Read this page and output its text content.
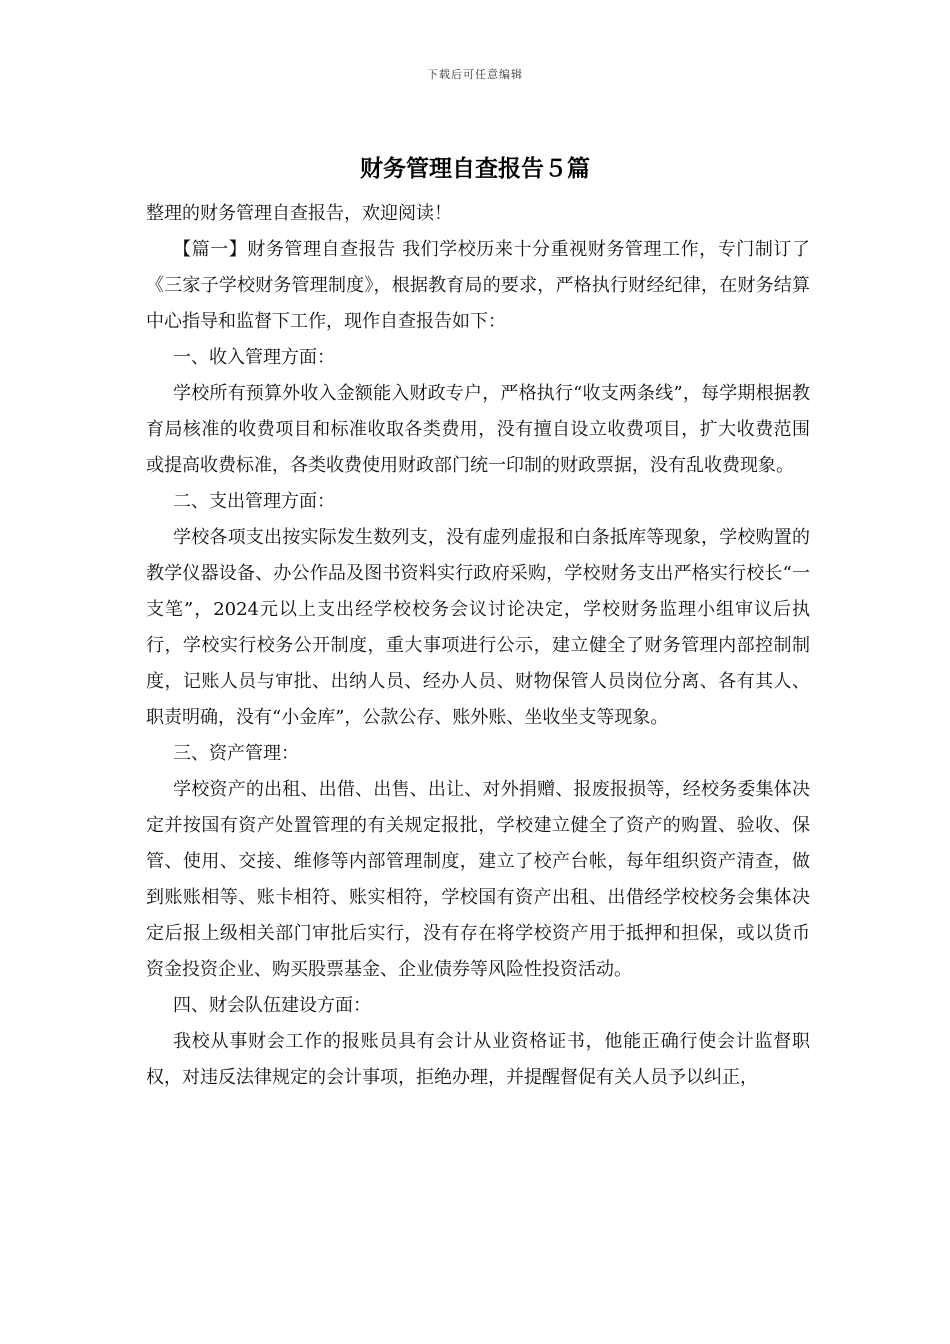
下载后可任意编辑
财务管理自查报告５篇

整理的财务管理自查报告，欢迎阅读！

【篇一】财务管理自查报告 我们学校历来十分重视财务管理工作，专门制订了《三家子学校财务管理制度》，根据教育局的要求，严格执行财经纪律，在财务结算中心指导和监督下工作，现作自查报告如下：

一、收入管理方面：

学校所有预算外收入金额能入财政专户，严格执行“收支两条线”，每学期根据教育局核准的收费项目和标准收取各类费用，没有擅自设立收费项目，扩大收费范围或提高收费标准，各类收费使用财政部门统一印制的财政票据，没有乱收费现象。

二、支出管理方面：

学校各项支出按实际发生数列支，没有虚列虚报和白条抵库等现象，学校购置的教学仪器设备、办公作品及图书资料实行政府采购，学校财务支出严格实行校长“一支笔”，2024元以上支出经学校校务会议讨论决定，学校财务监理小组审议后执行，学校实行校务公开制度，重大事项进行公示，建立健全了财务管理内部控制制度，记账人员与审批、出纳人员、经办人员、财物保管人员岗位分离、各有其人、职责明确，没有“小金库”，公款公存、账外账、坐收坐支等现象。

三、资产管理：

学校资产的出租、出借、出售、出让、对外捐赠、报废报损等，经校务委集体决定并按国有资产处置管理的有关规定报批，学校建立健全了资产的购置、验收、保管、使用、交接、维修等内部管理制度，建立了校产台帐，每年组织资产清查，做到账账相等、账卡相符、账实相符，学校国有资产出租、出借经学校校务会集体决定后报上级相关部门审批后实行，没有存在将学校资产用于抵押和担保，或以货币资金投资企业、购买股票基金、企业债券等风险性投资活动。

四、财会队伍建设方面：

我校从事财会工作的报账员具有会计从业资格证书，他能正确行使会计监督职权，对违反法律规定的会计事项，拒绝办理，并提醒督促有关人员予以纠正，
